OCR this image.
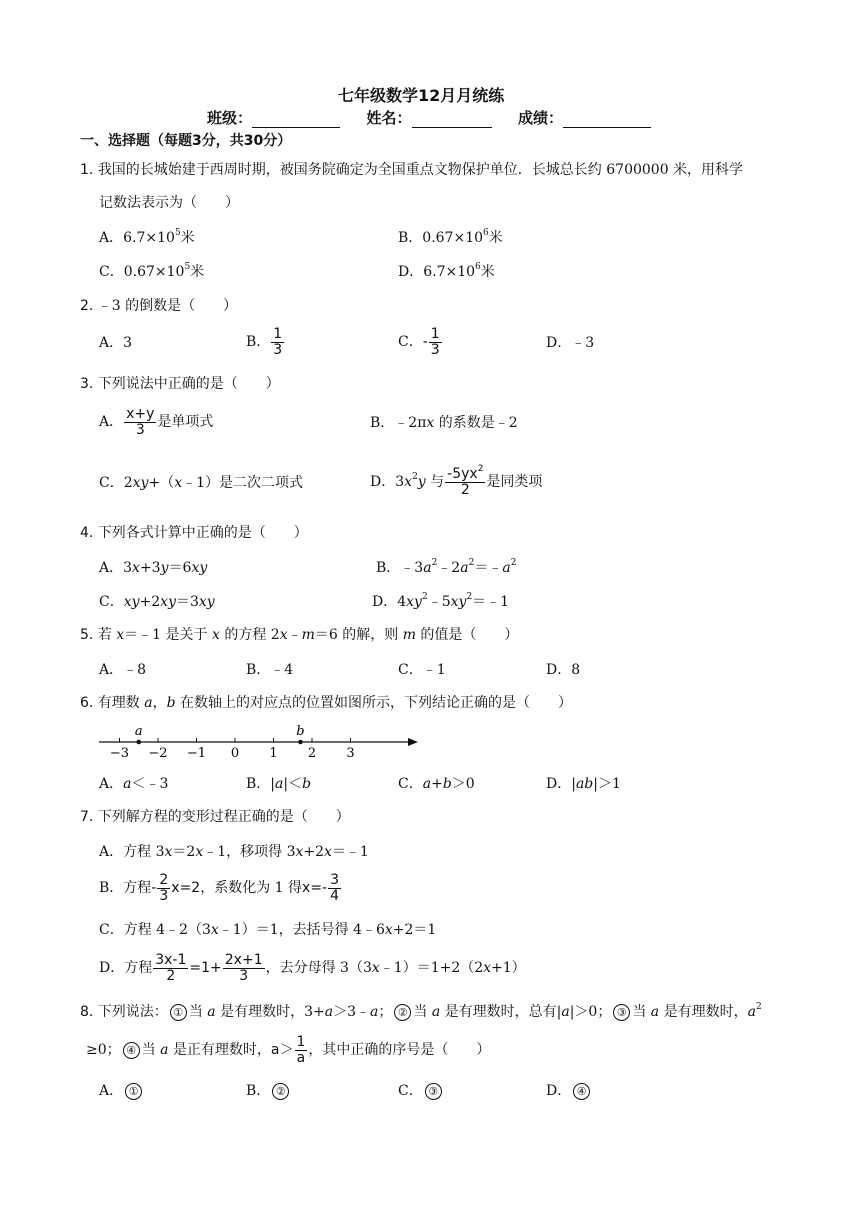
七年级数学12月月统练
班级：	姓名：	成绩：
一、选择题（每题3分，共30分）
1. 我国的长城始建于西周时期，被国务院确定为全国重点文物保护单位．长城总长约 6700000 米，用科学
记数法表示为（　　）
A．$6.7\times 10^5$米	B．$0.67\times 10^6$米
C．$0.67\times 10^5$米	D．$6.7\times 10^6$米
2. ﹣3 的倒数是（　　）
A．3	B． $\frac{1}{3}$	C．- $\frac{1}{3}$	D．﹣3
3. 下列说法中正确的是（　　）
A． $\frac{x+y}{3}$ 是单项式	B．﹣2πx 的系数是﹣2
C．2xy+（x﹣1）是二次二项式	D．$3x^2y$ 与 $\frac{-5yx^2}{2}$ 是同类项
4. 下列各式计算中正确的是（　　）
A．3x+3y＝6xy	B．$﹣3a^2﹣2a^2=﹣a^2$
C．xy+2xy＝3xy	D．$4xy^2﹣5xy^2=﹣1$
5. 若 x＝﹣1 是关于 x 的方程 2x﹣m＝6 的解，则 m 的值是（　　）
A．﹣8	B．﹣4	C．﹣1	D．8
6. 有理数 a，b 在数轴上的对应点的位置如图所示，下列结论正确的是（　　）
−3 −2 −1 0 1 2 3
a	b
A．a＜﹣3	B．|a|＜b	C．a+b＞0	D．|ab|＞1
7. 下列解方程的变形过程正确的是（　　）
A．方程 3x＝2x﹣1，移项得 3x+2x＝﹣1
B．方程- $\frac{2}{3} x=2$，系数化为 1 得$x=- \frac{3}{4}$
C．方程 4﹣2（3x﹣1）＝1，去括号得 4﹣6x+2＝1
D．方程 $\frac{3x-1}{2} =1+ \frac{2x+1}{3}$ ，去分母得 3（3x﹣1）＝1+2（2x+1）
8. 下列说法： ① 当 a 是有理数时，3+a＞3﹣a； ② 当 a 是有理数时，总有|a|＞0； ③ 当 a 是有理数时，$a^2$
≥0； ④ 当 a 是正有理数时，$a> \frac{1}{a}$ ，其中正确的序号是（　　）
A． ①	B． ②	C． ③	D． ④
